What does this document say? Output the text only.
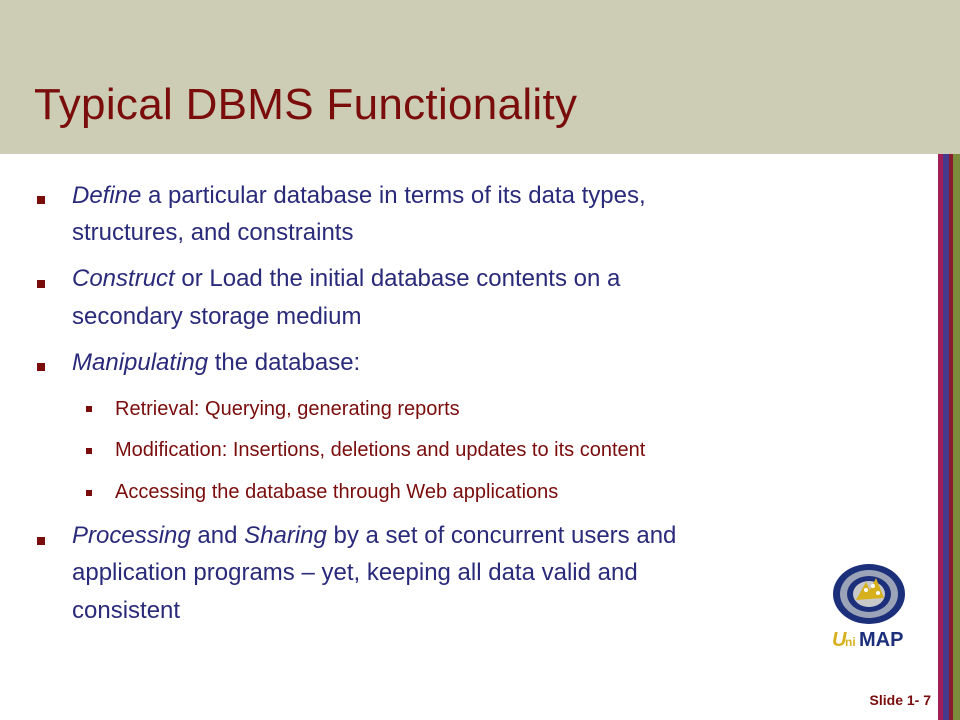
Typical DBMS Functionality
Define a particular database in terms of its data types,
structures, and constraints
Construct or Load the initial database contents on a
secondary storage medium
Manipulating the database:
Retrieval: Querying, generating reports
Modification: Insertions, deletions and updates to its content
Accessing the database through Web applications
Processing and Sharing by a set of concurrent users and
application programs – yet, keeping all data valid and
consistent
U
ni MAP
Slide 1- 7
